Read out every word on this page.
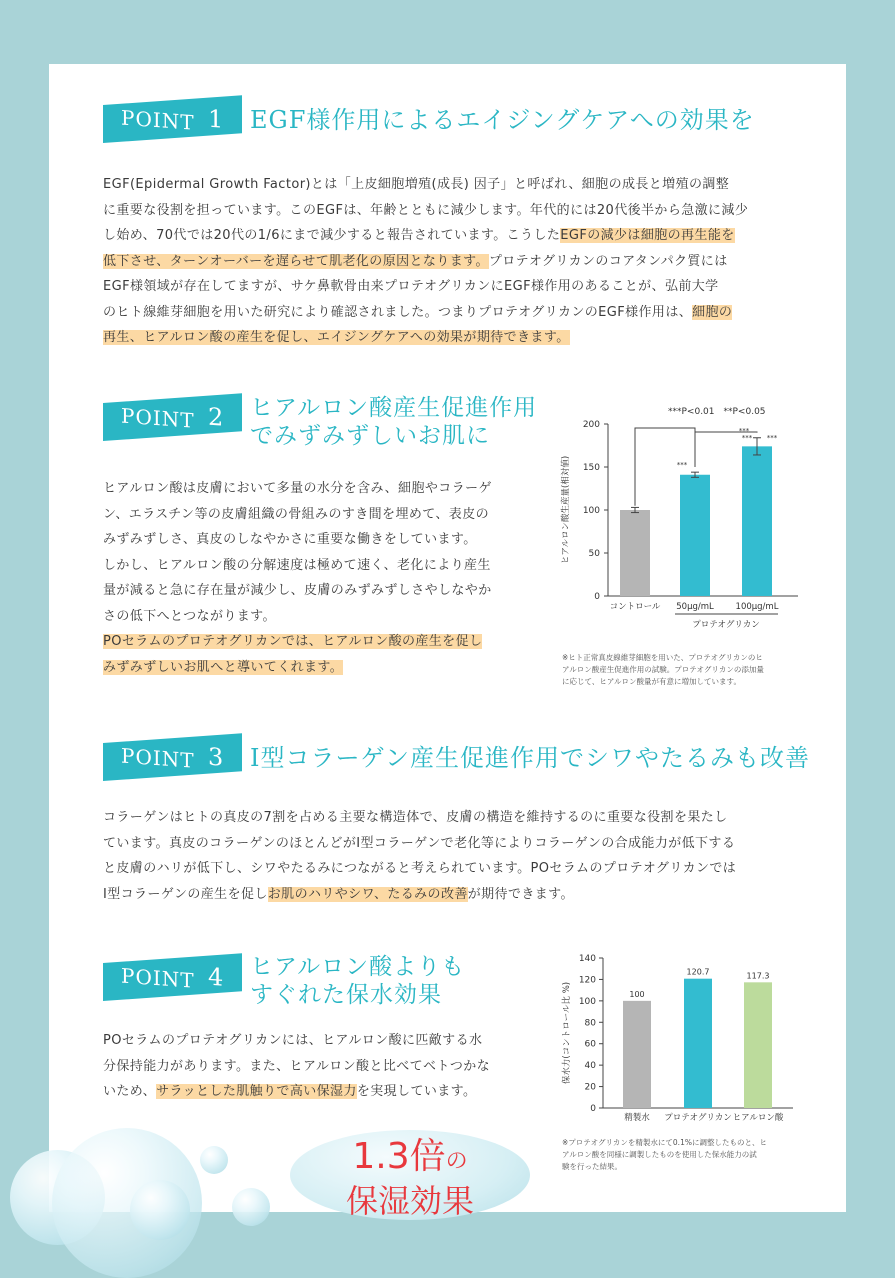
POINT 1	EGF様作用によるエイジングケアへの効果を
EGF(Epidermal Growth Factor)とは「上皮細胞増殖(成長) 因子」と呼ばれ、細胞の成長と増殖の調整
に重要な役割を担っています。このEGFは、年齢とともに減少します。年代的には20代後半から急激に減少
し始め、70代では20代の1/6にまで減少すると報告されています。こうしたEGFの減少は細胞の再生能を
低下させ、ターンオーバーを遅らせて肌老化の原因となります。プロテオグリカンのコアタンパク質には
EGF様領域が存在してますが、サケ鼻軟骨由来プロテオグリカンにEGF様作用のあることが、弘前大学
のヒト線維芽細胞を用いた研究により確認されました。つまりプロテオグリカンのEGF様作用は、細胞の
再生、ヒアルロン酸の産生を促し、エイジングケアへの効果が期待できます。
POINT 2	ヒアルロン酸産生促進作用
でみずみずしいお肌に
ヒアルロン酸は皮膚において多量の水分を含み、細胞やコラーゲ
ン、エラスチン等の皮膚組織の骨組みのすき間を埋めて、表皮の
みずみずしさ、真皮のしなやかさに重要な働きをしています。
しかし、ヒアルロン酸の分解速度は極めて速く、老化により産生
量が減ると急に存在量が減少し、皮膚のみずみずしさやしなやか
さの低下へとつながります。
POセラムのプロテオグリカンでは、ヒアルロン酸の産生を促し
みずみずしいお肌へと導いてくれます。
0
50
100
150
200
ヒアルロン酸生産量(相対値)
コントロール 50μg/mL
***
100μg/mL
***
プロテオグリカン
*** ***
***P<0.01　**P<0.05
※ヒト正常真皮線維芽細胞を用いた、プロテオグリカンのヒ
アルロン酸産生促進作用の試験。プロテオグリカンの添加量
に応じて、ヒアルロン酸量が有意に増加しています。
POINT 3	I型コラーゲン産生促進作用でシワやたるみも改善
コラーゲンはヒトの真皮の7割を占める主要な構造体で、皮膚の構造を維持するのに重要な役割を果たし
ています。真皮のコラーゲンのほとんどがI型コラーゲンで老化等によりコラーゲンの合成能力が低下する
と皮膚のハリが低下し、シワやたるみにつながると考えられています。POセラムのプロテオグリカンでは
I型コラーゲンの産生を促しお肌のハリやシワ、たるみの改善が期待できます。
POINT 4	ヒアルロン酸よりも
すぐれた保水効果
POセラムのプロテオグリカンには、ヒアルロン酸に匹敵する水
分保持能力があります。また、ヒアルロン酸と比べてベトつかな
いため、サラッとした肌触りで高い保湿力を実現しています。
0
20
40
60
80
100
120
140
保水力(コントロール比 %)	100
精製水
120.7
プロテオグリカン
117.3
ヒアルロン酸
※プロテオグリカンを精製水にて0.1%に調整したものと、ヒ
アルロン酸を同様に調製したものを使用した保水能力の試
験を行った結果。
1.3倍の
保湿効果
